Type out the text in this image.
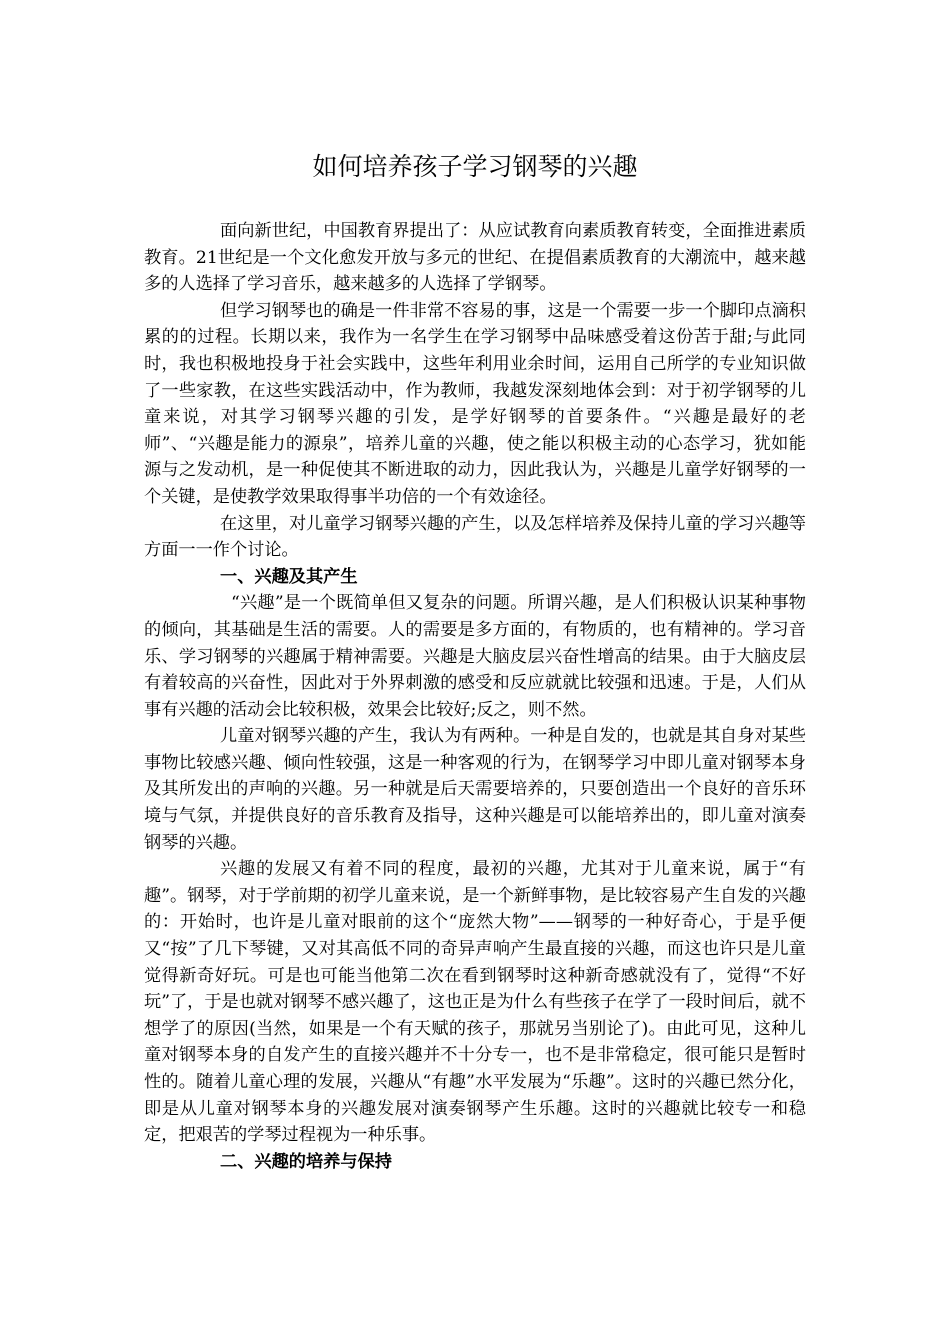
如何培养孩子学习钢琴的兴趣

面向新世纪，中国教育界提出了：从应试教育向素质教育转变，全面推进素质教育。21世纪是一个文化愈发开放与多元的世纪、在提倡素质教育的大潮流中，越来越多的人选择了学习音乐，越来越多的人选择了学钢琴。

但学习钢琴也的确是一件非常不容易的事，这是一个需要一步一个脚印点滴积累的的过程。长期以来，我作为一名学生在学习钢琴中品味感受着这份苦于甜;与此同时，我也积极地投身于社会实践中，这些年利用业余时间，运用自己所学的专业知识做了一些家教，在这些实践活动中，作为教师，我越发深刻地体会到：对于初学钢琴的儿童来说，对其学习钢琴兴趣的引发，是学好钢琴的首要条件。“兴趣是最好的老师”、“兴趣是能力的源泉”，培养儿童的兴趣，使之能以积极主动的心态学习，犹如能源与之发动机，是一种促使其不断进取的动力，因此我认为，兴趣是儿童学好钢琴的一个关键，是使教学效果取得事半功倍的一个有效途径。

在这里，对儿童学习钢琴兴趣的产生，以及怎样培养及保持儿童的学习兴趣等方面一一作个讨论。

一、兴趣及其产生

“兴趣”是一个既简单但又复杂的问题。所谓兴趣，是人们积极认识某种事物的倾向，其基础是生活的需要。人的需要是多方面的，有物质的，也有精神的。学习音乐、学习钢琴的兴趣属于精神需要。兴趣是大脑皮层兴奋性增高的结果。由于大脑皮层有着较高的兴奋性，因此对于外界刺激的感受和反应就就比较强和迅速。于是，人们从事有兴趣的活动会比较积极，效果会比较好;反之，则不然。

儿童对钢琴兴趣的产生，我认为有两种。一种是自发的，也就是其自身对某些事物比较感兴趣、倾向性较强，这是一种客观的行为，在钢琴学习中即儿童对钢琴本身及其所发出的声响的兴趣。另一种就是后天需要培养的，只要创造出一个良好的音乐环境与气氛，并提供良好的音乐教育及指导，这种兴趣是可以能培养出的，即儿童对演奏钢琴的兴趣。

兴趣的发展又有着不同的程度，最初的兴趣，尤其对于儿童来说，属于“有趣”。钢琴，对于学前期的初学儿童来说，是一个新鲜事物，是比较容易产生自发的兴趣的：开始时，也许是儿童对眼前的这个“庞然大物”——钢琴的一种好奇心，于是乎便又“按”了几下琴键，又对其高低不同的奇异声响产生最直接的兴趣，而这也许只是儿童觉得新奇好玩。可是也可能当他第二次在看到钢琴时这种新奇感就没有了，觉得“不好玩”了，于是也就对钢琴不感兴趣了，这也正是为什么有些孩子在学了一段时间后，就不想学了的原因(当然，如果是一个有天赋的孩子，那就另当别论了)。由此可见，这种儿童对钢琴本身的自发产生的直接兴趣并不十分专一，也不是非常稳定，很可能只是暂时性的。随着儿童心理的发展，兴趣从“有趣”水平发展为“乐趣”。这时的兴趣已然分化，即是从儿童对钢琴本身的兴趣发展对演奏钢琴产生乐趣。这时的兴趣就比较专一和稳定，把艰苦的学琴过程视为一种乐事。

二、兴趣的培养与保持
